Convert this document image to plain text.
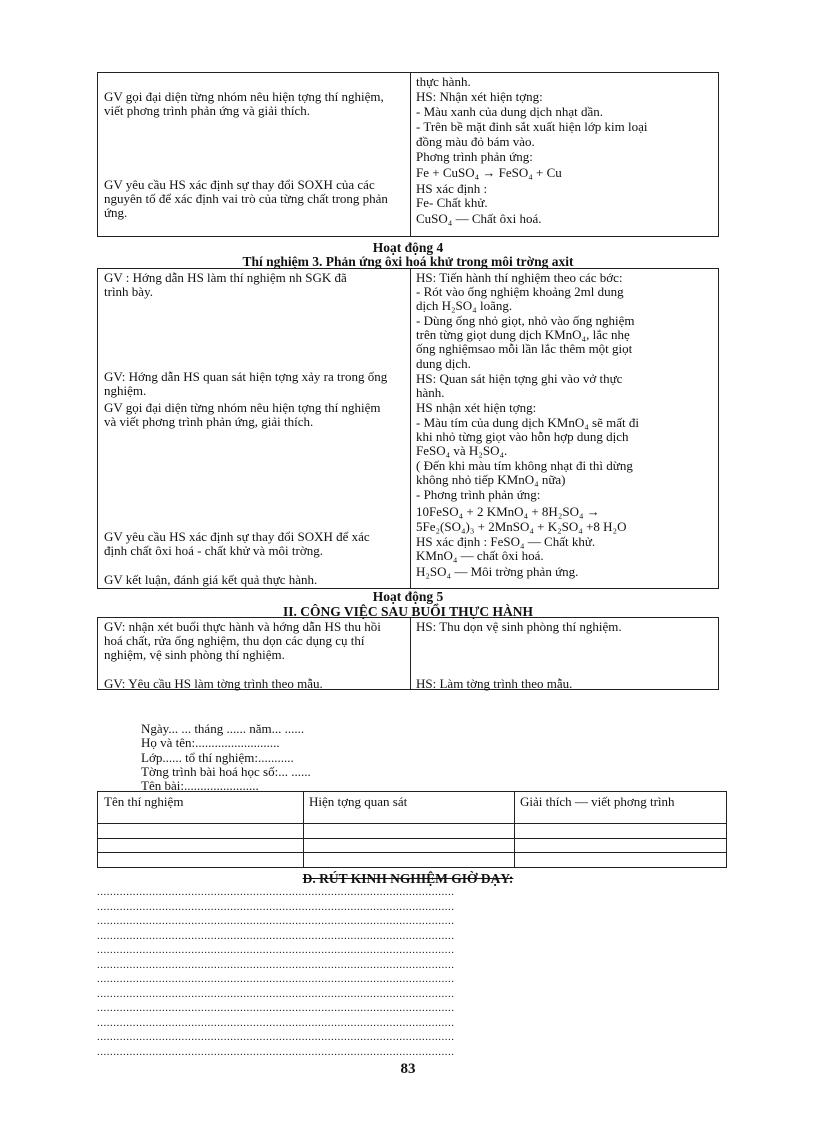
GV gọi đại diện từng nhóm nêu hiện tợng thí nghiệm, viết phơng trình phản ứng và giải thích.
GV yêu cầu HS xác định sự thay đổi SOXH của các nguyên tố để xác định vai trò của từng chất trong phản ứng.
thực hành.
HS: Nhận xét hiện tợng:
- Màu xanh của dung dịch nhạt dần.
- Trên bề mặt đinh sắt xuất hiện lớp kim loại
đồng màu đỏ bám vào.
Phơng trình phản ứng:
Fe + CuSO₄ → FeSO₄ + Cu
HS xác định :
Fe- Chất khử.
CuSO₄ — Chất ôxi hoá.
Hoạt động 4
Thí nghiệm 3. Phản ứng ôxi hoá khử trong môi trờng axit
GV : Hớng dẫn HS làm thí nghiệm nh SGK đã trình bày.
GV: Hớng dẫn HS quan sát hiện tợng xảy ra trong ống nghiệm.
GV gọi đại diện từng nhóm nêu hiện tợng thí nghiệm và viết phơng trình phản ứng, giải thích.
GV yêu cầu HS xác định sự thay đổi SOXH để xác định chất ôxi hoá - chất khử và môi trờng.
GV kết luận, đánh giá kết quả thực hành.
HS: Tiến hành thí nghiệm theo các bớc:
- Rót vào ống nghiệm khoảng 2ml dung
dịch H₂SO₄ loãng.
- Dùng ống nhỏ giọt, nhỏ vào ống nghiệm
trên từng giọt dung dịch KMnO₄, lắc nhẹ
ống nghiệmsao mỗi lần lắc thêm một giọt
dung dịch.
HS: Quan sát hiện tợng ghi vào vở thực
hành.
HS nhận xét hiện tợng:
- Màu tím của dung dịch KMnO₄ sẽ mất đi
khi nhỏ từng giọt vào hỗn hợp dung dịch
FeSO₄ và H₂SO₄.
( Đến khi màu tím không nhạt đi thì dừng
không nhỏ tiếp KMnO₄ nữa)
- Phơng trình phản ứng:
10FeSO₄ + 2 KMnO₄ + 8H₂SO₄ →
5Fe₂(SO₄)₃ + 2MnSO₄ + K₂SO₄ +8 H₂O
HS xác định : FeSO₄ — Chất khử.
KMnO₄ — chất ôxi hoá.
H₂SO₄ — Môi trờng phản ứng.
Hoạt động 5
II. CÔNG VIỆC SAU BUỔI THỰC HÀNH
GV: nhận xét buổi thực hành và hớng dẫn HS thu hồi hoá chất, rửa ống nghiệm, thu dọn các dụng cụ thí nghiệm, vệ sinh phòng thí nghiệm.
GV: Yêu cầu HS làm tờng trình theo mẫu.
HS: Thu dọn vệ sinh phòng thí nghiệm.
HS: Làm tờng trình theo mẫu.
Ngày... ... tháng ...... năm... ......
Họ và tên:..........................
Lớp...... tổ thí nghiệm:...........
Tờng trình bài hoá học số:... ......
Tên bài:.......................
Tên thí nghiệm	Hiện tợng quan sát	Giải thích — viết phơng trình
D. RÚT KINH NGHIỆM GIỜ DẠY:
..............................................................................................................
..............................................................................................................
..............................................................................................................
..............................................................................................................
..............................................................................................................
..............................................................................................................
..............................................................................................................
..............................................................................................................
..............................................................................................................
..............................................................................................................
..............................................................................................................
..............................................................................................................
83
